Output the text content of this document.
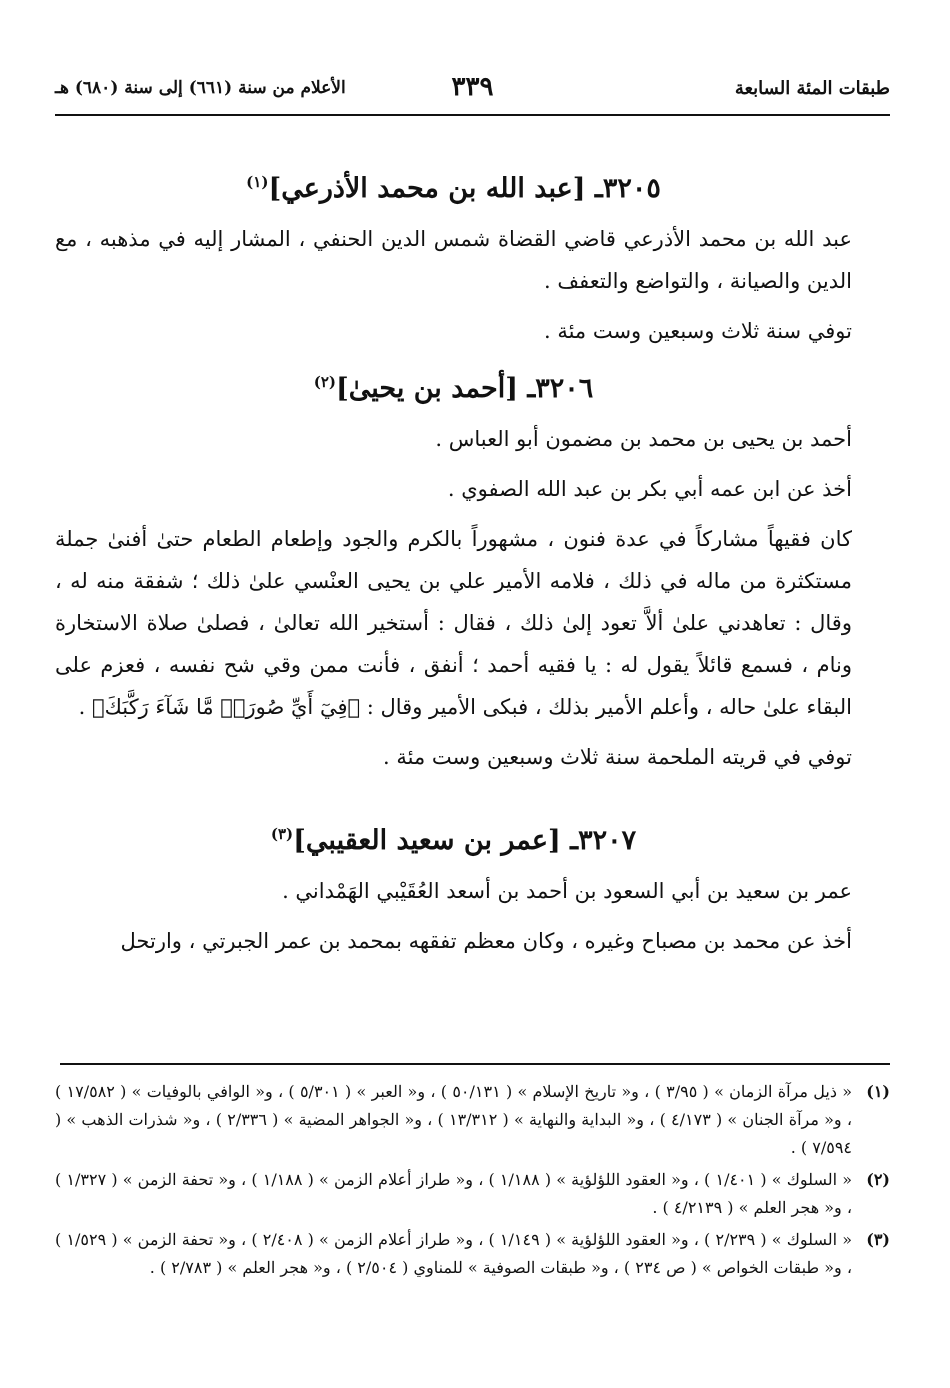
طبقات المئة السابعة
٣٣٩
الأعلام من سنة (٦٦١) إلى سنة (٦٨٠) هـ
٣٢٠٥ـ [عبد الله بن محمد الأذرعي]$^{(١)}$

عبد الله بن محمد الأذرعي قاضي القضاة شمس الدين الحنفي ، المشار إليه في مذهبه ، مع الدين والصيانة ، والتواضع والتعفف .

توفي سنة ثلاث وسبعين وست مئة .

٣٢٠٦ـ [أحمد بن يحيىٰ]$^{(٢)}$

أحمد بن يحيى بن محمد بن مضمون أبو العباس .

أخذ عن ابن عمه أبي بكر بن عبد الله الصفوي .

كان فقيهاً مشاركاً في عدة فنون ، مشهوراً بالكرم والجود وإطعام الطعام حتىٰ أفنىٰ جملة مستكثرة من ماله في ذلك ، فلامه الأمير علي بن يحيى العنْسي علىٰ ذلك ؛ شفقة منه له ، وقال : تعاهدني علىٰ ألاَّ تعود إلىٰ ذلك ، فقال : أستخير الله تعالىٰ ، فصلىٰ صلاة الاستخارة ونام ، فسمع قائلاً يقول له : يا فقيه أحمد ؛ أنفق ، فأنت ممن وقي شح نفسه ، فعزم على البقاء علىٰ حاله ، وأعلم الأمير بذلك ، فبكى الأمير وقال : ﴿فِيٓ أَيِّ صُورَةٖ مَّا شَآءَ رَكَّبَكَ﴾ .

توفي في قريته الملحمة سنة ثلاث وسبعين وست مئة .

٣٢٠٧ـ [عمر بن سعيد العقيبي]$^{(٣)}$

عمر بن سعيد بن أبي السعود بن أحمد بن أسعد العُقَيْبي الهَمْداني .

أخذ عن محمد بن مصباح وغيره ، وكان معظم تفقهه بمحمد بن عمر الجبرتي ، وارتحل

(١)
« ذيل مرآة الزمان » ( ٣/٩٥ ) ، و« تاريخ الإسلام » ( ٥٠/١٣١ ) ، و« العبر » ( ٥/٣٠١ ) ، و« الوافي بالوفيات » ( ١٧/٥٨٢ ) ، و« مرآة الجنان » ( ٤/١٧٣ ) ، و« البداية والنهاية » ( ١٣/٣١٢ ) ، و« الجواهر المضية » ( ٢/٣٣٦ ) ، و« شذرات الذهب » ( ٧/٥٩٤ ) .
(٢)
« السلوك » ( ١/٤٠١ ) ، و« العقود اللؤلؤية » ( ١/١٨٨ ) ، و« طراز أعلام الزمن » ( ١/١٨٨ ) ، و« تحفة الزمن » ( ١/٣٢٧ ) ، و« هجر العلم » ( ٤/٢١٣٩ ) .
(٣)
« السلوك » ( ٢/٢٣٩ ) ، و« العقود اللؤلؤية » ( ١/١٤٩ ) ، و« طراز أعلام الزمن » ( ٢/٤٠٨ ) ، و« تحفة الزمن » ( ١/٥٢٩ ) ، و« طبقات الخواص » ( ص ٢٣٤ ) ، و« طبقات الصوفية » للمناوي ( ٢/٥٠٤ ) ، و« هجر العلم » ( ٢/٧٨٣ ) .
